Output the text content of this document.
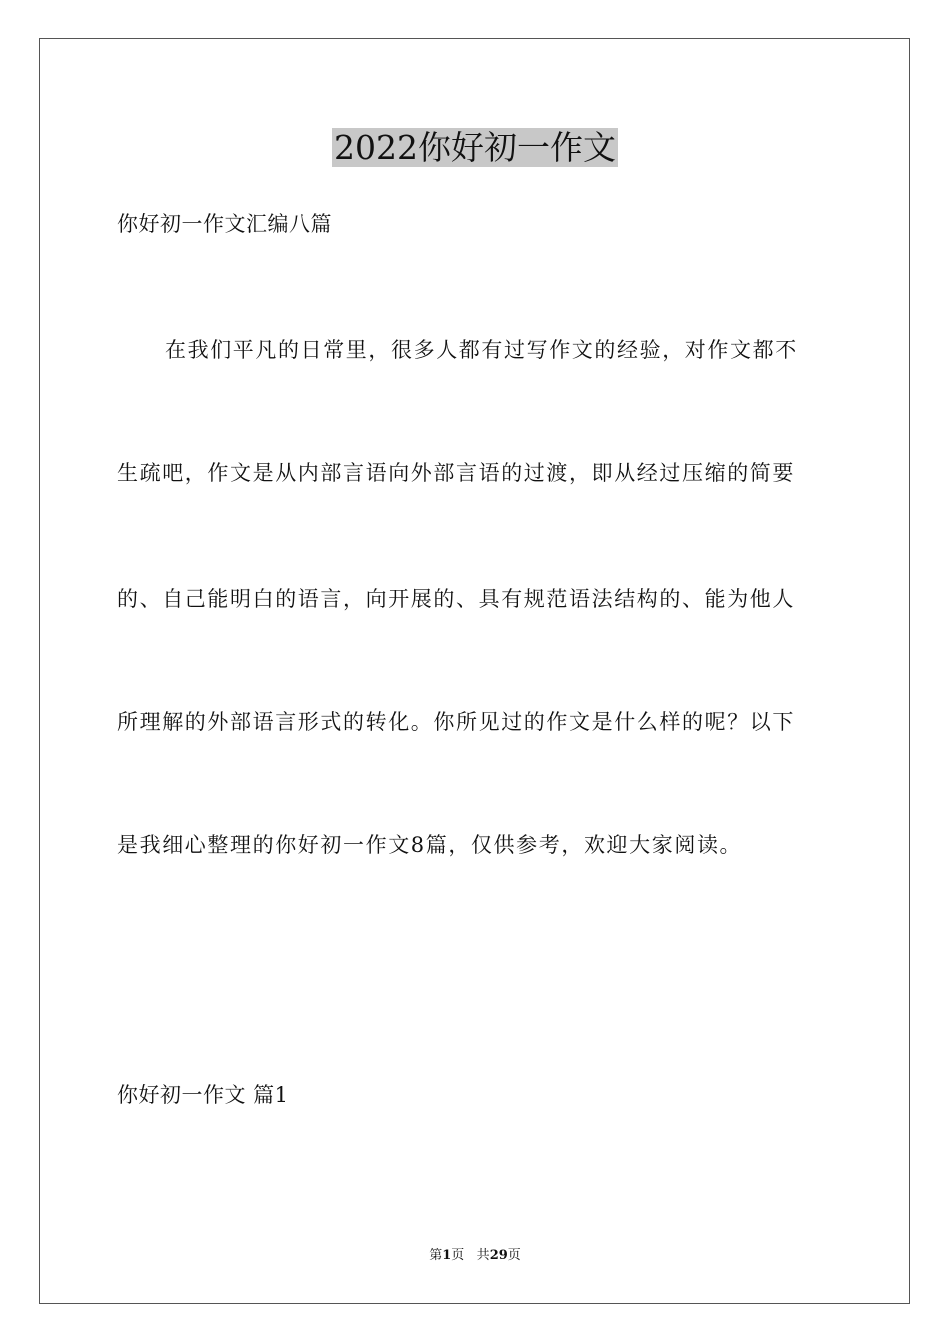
2022你好初一作文
你好初一作文汇编八篇
在我们平凡的日常里，很多人都有过写作文的经验，对作文都不
生疏吧，作文是从内部言语向外部言语的过渡，即从经过压缩的简要
的、自己能明白的语言，向开展的、具有规范语法结构的、能为他人
所理解的外部语言形式的转化。你所见过的作文是什么样的呢？以下
是我细心整理的你好初一作文8篇，仅供参考，欢迎大家阅读。
你好初一作文 篇1
第1页 共29页
